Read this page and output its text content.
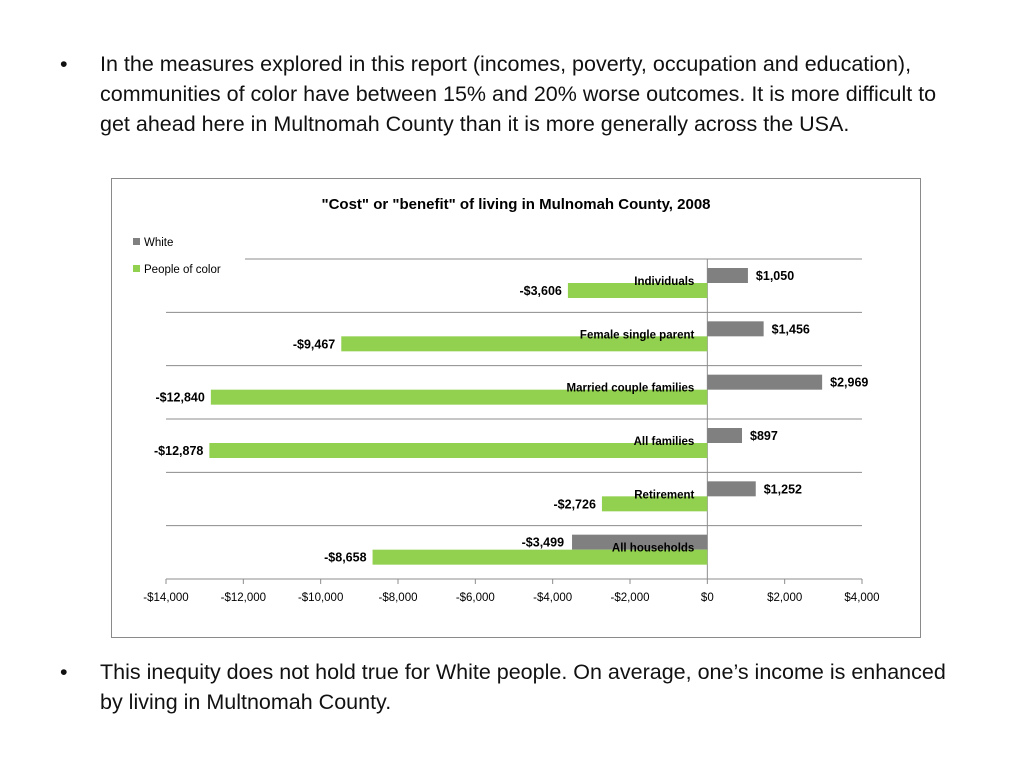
• In the measures explored in this report (incomes, poverty, occupation and education), communities of color have between 15% and 20% worse outcomes. It is more difficult to get ahead here in Multnomah County than it is more generally across the USA.
"Cost" or "benefit" of living in Mulnomah County, 2008
White
People of color
-$14,000	-$12,000	-$10,000	-$8,000	-$6,000	-$4,000	-$2,000	$0	$2,000	$4,000
$1,050
-$3,606
Individuals
$1,456
-$9,467
Female single parent
$2,969
-$12,840
Married couple families
$897
-$12,878
All families
$1,252
-$2,726
Retirement
-$3,499
-$8,658
All households
• This inequity does not hold true for White people. On average, one’s income is enhanced by living in Multnomah County.
